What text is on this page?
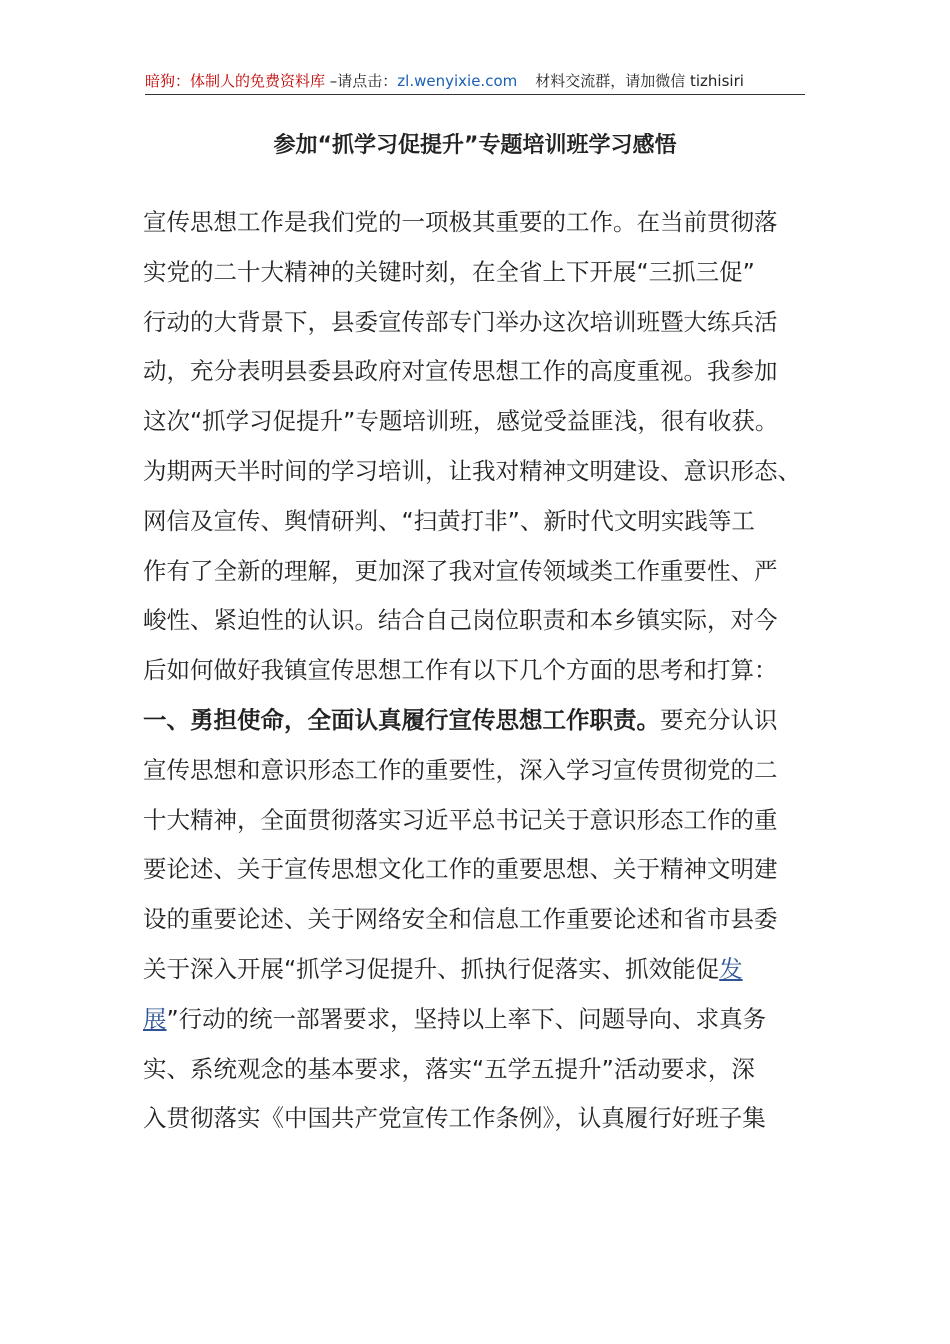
暗狗：体制人的免费资料库 –请点击：zl.wenyixie.com 材料交流群，请加微信 tizhisiri
参加“抓学习促提升”专题培训班学习感悟
宣传思想工作是我们党的一项极其重要的工作。在当前贯彻落
实党的二十大精神的关键时刻，在全省上下开展“三抓三促”
行动的大背景下，县委宣传部专门举办这次培训班暨大练兵活
动，充分表明县委县政府对宣传思想工作的高度重视。我参加
这次“抓学习促提升”专题培训班，感觉受益匪浅，很有收获。
为期两天半时间的学习培训，让我对精神文明建设、意识形态、
网信及宣传、舆情研判、“扫黄打非”、新时代文明实践等工
作有了全新的理解，更加深了我对宣传领域类工作重要性、严
峻性、紧迫性的认识。结合自己岗位职责和本乡镇实际，对今
后如何做好我镇宣传思想工作有以下几个方面的思考和打算：
一、勇担使命，全面认真履行宣传思想工作职责。要充分认识
宣传思想和意识形态工作的重要性，深入学习宣传贯彻党的二
十大精神，全面贯彻落实习近平总书记关于意识形态工作的重
要论述、关于宣传思想文化工作的重要思想、关于精神文明建
设的重要论述、关于网络安全和信息工作重要论述和省市县委
关于深入开展“抓学习促提升、抓执行促落实、抓效能促发
展”行动的统一部署要求，坚持以上率下、问题导向、求真务
实、系统观念的基本要求，落实“五学五提升”活动要求，深
入贯彻落实《中国共产党宣传工作条例》，认真履行好班子集
